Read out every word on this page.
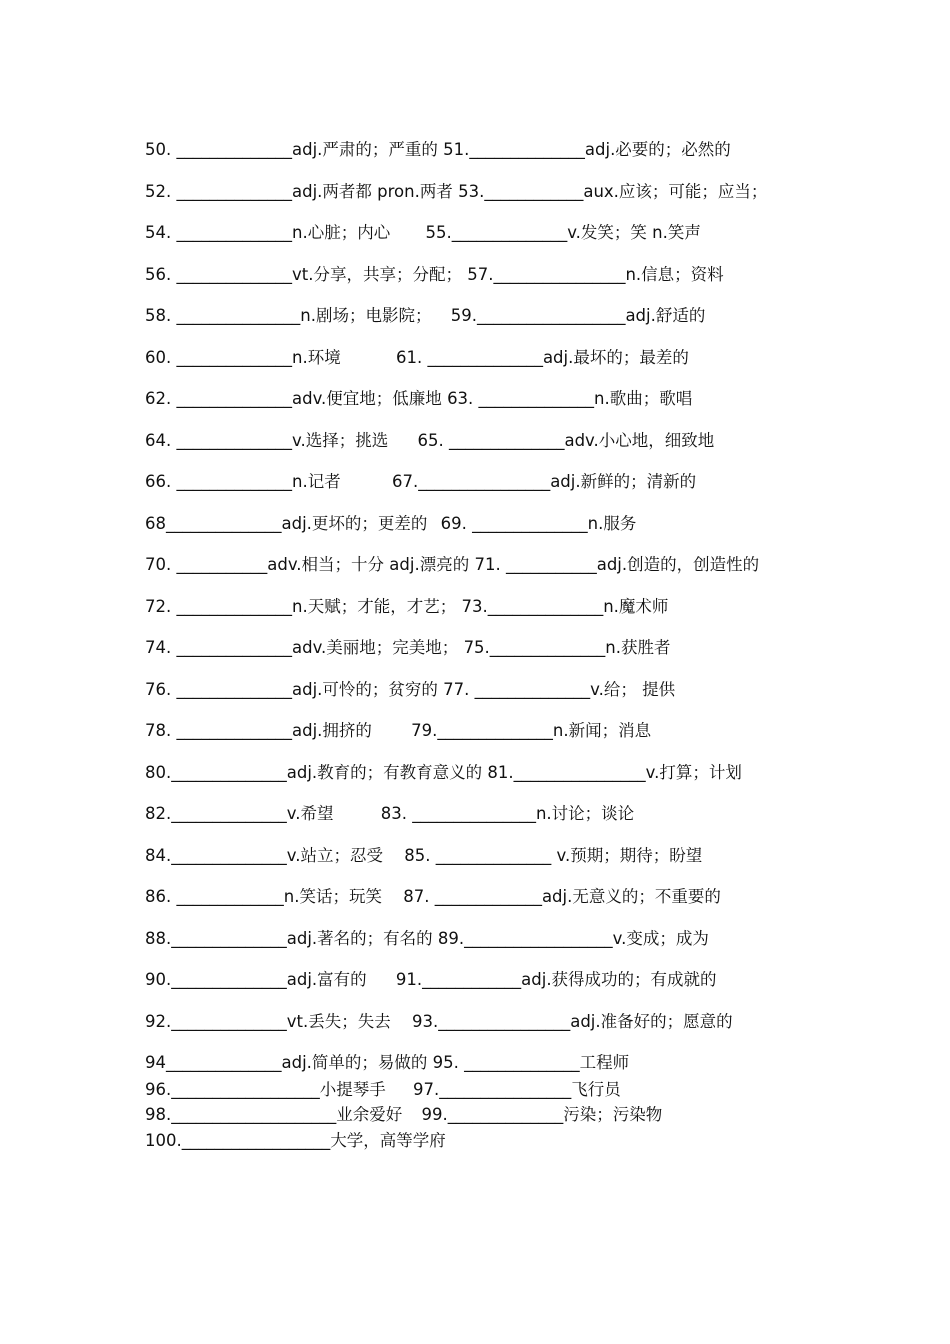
50. ______________adj.严肃的；严重的 51.______________adj.必要的；必然的
52. ______________adj.两者都 pron.两者 53.____________aux.应该；可能；应当；
54. ______________n.心脏；内心 55.______________v.发笑；笑 n.笑声
56. ______________vt.分享，共享；分配； 57.________________n.信息；资料
58. _______________n.剧场；电影院； 59.__________________adj.舒适的
60. ______________n.环境	61. ______________adj.最坏的；最差的
62. ______________adv.便宜地；低廉地 63. ______________n.歌曲；歌唱
64. ______________v.选择；挑选 65. ______________adv.小心地，细致地
66. ______________n.记者	67.________________adj.新鲜的；清新的
68______________adj.更坏的；更差的 69. ______________n.服务
70. ___________adv.相当；十分 adj.漂亮的 71. ___________adj.创造的，创造性的
72. ______________n.天赋；才能，才艺； 73.______________n.魔术师
74. ______________adv.美丽地；完美地； 75.______________n.获胜者
76. ______________adj.可怜的；贫穷的 77. ______________v.给； 提供
78. ______________adj.拥挤的 79.______________n.新闻；消息
80.______________adj.教育的；有教育意义的 81.________________v.打算；计划
82.______________v.希望	83. _______________n.讨论；谈论
84.______________v.站立；忍受 85. ______________ v.预期；期待；盼望
86. _____________n.笑话；玩笑 87. _____________adj.无意义的；不重要的
88.______________adj.著名的；有名的 89.__________________v.变成；成为
90.______________adj.富有的 91.____________adj.获得成功的；有成就的
92.______________vt.丢失；失去 93.________________adj.准备好的；愿意的
94______________adj.简单的；易做的 95. ______________工程师
96.__________________小提琴手 97.________________飞行员
98.____________________业余爱好 99.______________污染；污染物
100.__________________大学，高等学府
